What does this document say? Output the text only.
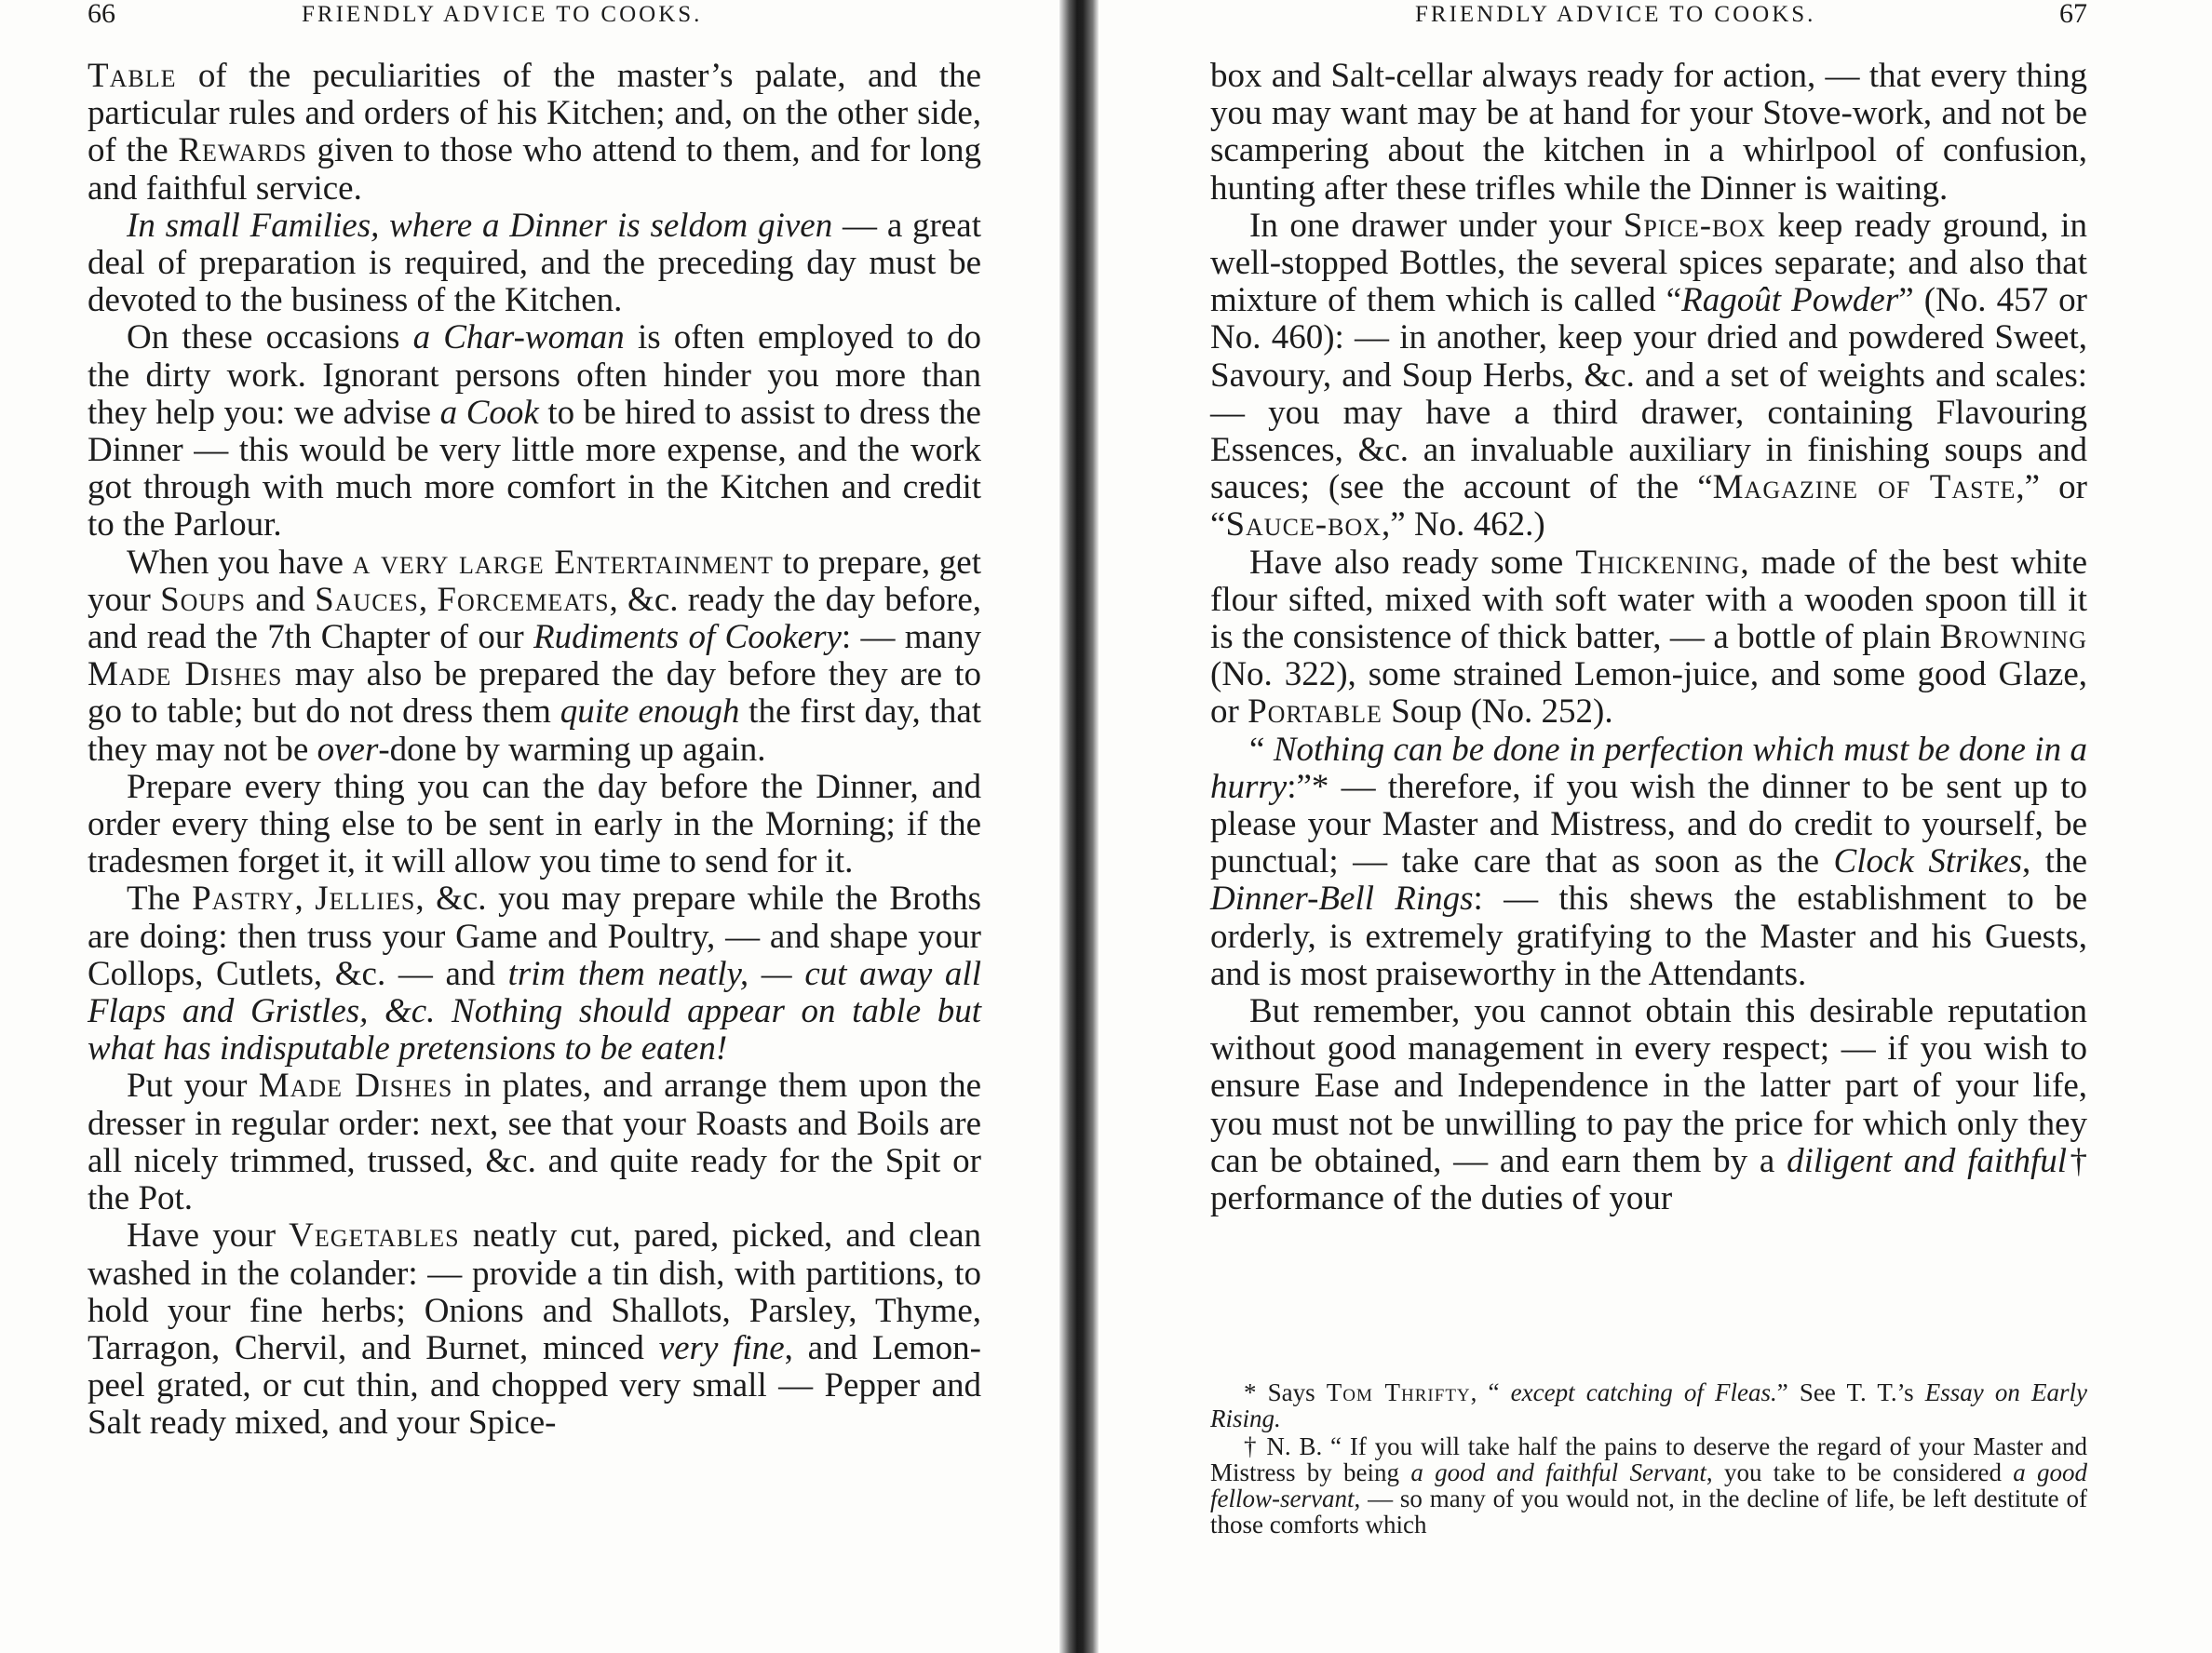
66	FRIENDLY ADVICE TO COOKS.

Table of the peculiarities of the master’s palate, and the particular rules and orders of his Kitchen; and, on the other side, of the Rewards given to those who attend to them, and for long and faithful service.

In small Families, where a Dinner is seldom given — a great deal of preparation is required, and the preceding day must be devoted to the business of the Kitchen.

On these occasions a Char-woman is often employed to do the dirty work. Ignorant persons often hinder you more than they help you: we advise a Cook to be hired to assist to dress the Dinner — this would be very little more expense, and the work got through with much more comfort in the Kitchen and credit to the Parlour.

When you have a very large Entertainment to prepare, get your Soups and Sauces, Forcemeats, &c. ready the day before, and read the 7th Chapter of our Rudiments of Cookery: — many Made Dishes may also be prepared the day before they are to go to table; but do not dress them quite enough the first day, that they may not be over-done by warming up again.

Prepare every thing you can the day before the Dinner, and order every thing else to be sent in early in the Morning; if the tradesmen forget it, it will allow you time to send for it.

The Pastry, Jellies, &c. you may prepare while the Broths are doing: then truss your Game and Poultry, — and shape your Collops, Cutlets, &c. — and trim them neatly, — cut away all Flaps and Gristles, &c. Nothing should appear on table but what has indisputable pretensions to be eaten!

Put your Made Dishes in plates, and arrange them upon the dresser in regular order: next, see that your Roasts and Boils are all nicely trimmed, trussed, &c. and quite ready for the Spit or the Pot.

Have your Vegetables neatly cut, pared, picked, and clean washed in the colander: — provide a tin dish, with partitions, to hold your fine herbs; Onions and Shallots, Parsley, Thyme, Tarragon, Chervil, and Burnet, minced very fine, and Lemon-peel grated, or cut thin, and chopped very small — Pepper and Salt ready mixed, and your Spice-

FRIENDLY ADVICE TO COOKS.	67

box and Salt-cellar always ready for action, — that every thing you may want may be at hand for your Stove-work, and not be scampering about the kitchen in a whirlpool of confusion, hunting after these trifles while the Dinner is waiting.

In one drawer under your Spice-box keep ready ground, in well-stopped Bottles, the several spices separate; and also that mixture of them which is called “Ragoût Powder” (No. 457 or No. 460): — in another, keep your dried and powdered Sweet, Savoury, and Soup Herbs, &c. and a set of weights and scales: — you may have a third drawer, containing Flavouring Essences, &c. an invaluable auxiliary in finishing soups and sauces; (see the account of the “Magazine of Taste,” or “Sauce-box,” No. 462.)

Have also ready some Thickening, made of the best white flour sifted, mixed with soft water with a wooden spoon till it is the consistence of thick batter, — a bottle of plain Browning (No. 322), some strained Lemon-juice, and some good Glaze, or Portable Soup (No. 252).

“ Nothing can be done in perfection which must be done in a hurry:”* — therefore, if you wish the dinner to be sent up to please your Master and Mistress, and do credit to yourself, be punctual; — take care that as soon as the Clock Strikes, the Dinner-Bell Rings: — this shews the establishment to be orderly, is extremely gratifying to the Master and his Guests, and is most praiseworthy in the Attendants.

But remember, you cannot obtain this desirable reputation without good management in every respect; — if you wish to ensure Ease and Independence in the latter part of your life, you must not be unwilling to pay the price for which only they can be obtained, — and earn them by a diligent and faithful† performance of the duties of your

* Says Tom Thrifty, “ except catching of Fleas.” See T. T.’s Essay on Early Rising.

† N. B. “ If you will take half the pains to deserve the regard of your Master and Mistress by being a good and faithful Servant, you take to be considered a good fellow-servant, — so many of you would not, in the decline of life, be left destitute of those comforts which
